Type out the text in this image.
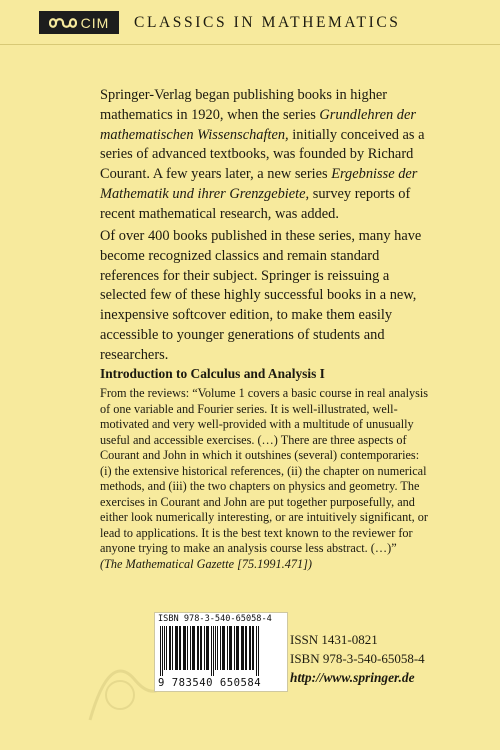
CIM CLASSICS IN MATHEMATICS

Springer-Verlag began publishing books in higher mathematics in 1920, when the series Grundlehren der mathematischen Wissenschaften, initially conceived as a series of advanced textbooks, was founded by Richard Courant. A few years later, a new series Ergebnisse der Mathematik und ihrer Grenzgebiete, survey reports of recent mathematical research, was added.

Of over 400 books published in these series, many have become recognized classics and remain standard references for their subject. Springer is reissuing a selected few of these highly successful books in a new, inexpensive softcover edition, to make them easily accessible to younger generations of students and researchers.

Introduction to Calculus and Analysis I

From the reviews: “Volume 1 covers a basic course in real analysis of one variable and Fourier series. It is well-illustrated, well-motivated and very well-provided with a multitude of unusually useful and accessible exercises. (…) There are three aspects of Courant and John in which it outshines (several) contemporaries: (i) the extensive historical references, (ii) the chapter on numerical methods, and (iii) the two chapters on physics and geometry. The exercises in Courant and John are put together purposefully, and either look numerically interesting, or are intuitively significant, or lead to applications. It is the best text known to the reviewer for anyone trying to make an analysis course less abstract. (…)”
(The Mathematical Gazette [75.1991.471])

ISBN 978-3-540-65058-4
9 783540 650584

ISSN 1431-0821

ISBN 978-3-540-65058-4

http://www.springer.de
